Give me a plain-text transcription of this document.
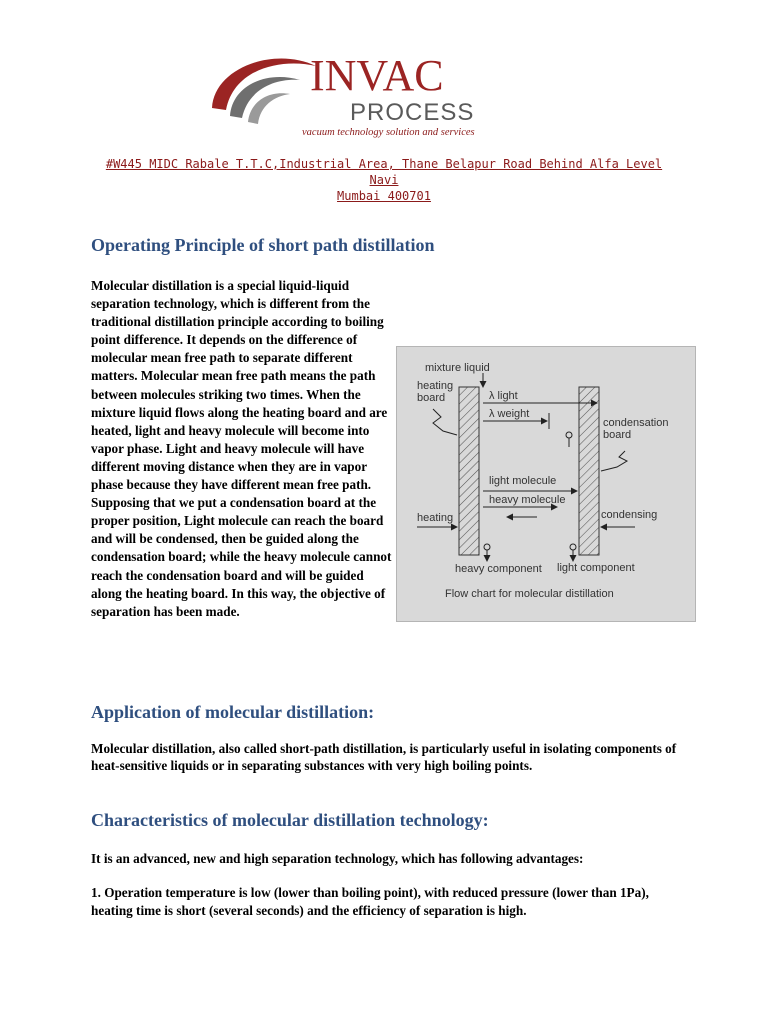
INVAC
PROCESS
vacuum technology solution and services
#W445 MIDC Rabale T.T.C,Industrial Area, Thane Belapur Road Behind Alfa Level Navi
Mumbai 400701
Operating Principle of short path distillation

Molecular distillation is a special liquid-liquid separation technology, which is different from the traditional distillation principle according to boiling point difference. It depends on the difference of molecular mean free path to separate different matters. Molecular mean free path means the path between molecules striking two times. When the mixture liquid flows along the heating board and are heated, light and heavy molecule will become into vapor phase. Light and heavy molecule will have different moving distance when they are in vapor phase because they have different mean free path. Supposing that we put a condensation board at the proper position, Light molecule can reach the board and will be condensed, then be guided along the condensation board; while the heavy molecule cannot reach the condensation board and will be guided along the heating board. In this way, the objective of separation has been made.

mixture liquid
heating
board	λ light
λ weight
condensation
board
light molecule
heavy molecule
heating	condensing
heavy component light component
Flow chart for molecular distillation
Application of molecular distillation:

Molecular distillation, also called short-path distillation, is particularly useful in isolating components of heat-sensitive liquids or in separating substances with very high boiling points.

Characteristics of molecular distillation technology:

It is an advanced, new and high separation technology, which has following advantages:

1. Operation temperature is low (lower than boiling point), with reduced pressure (lower than 1Pa), heating time is short (several seconds) and the efficiency of separation is high.
